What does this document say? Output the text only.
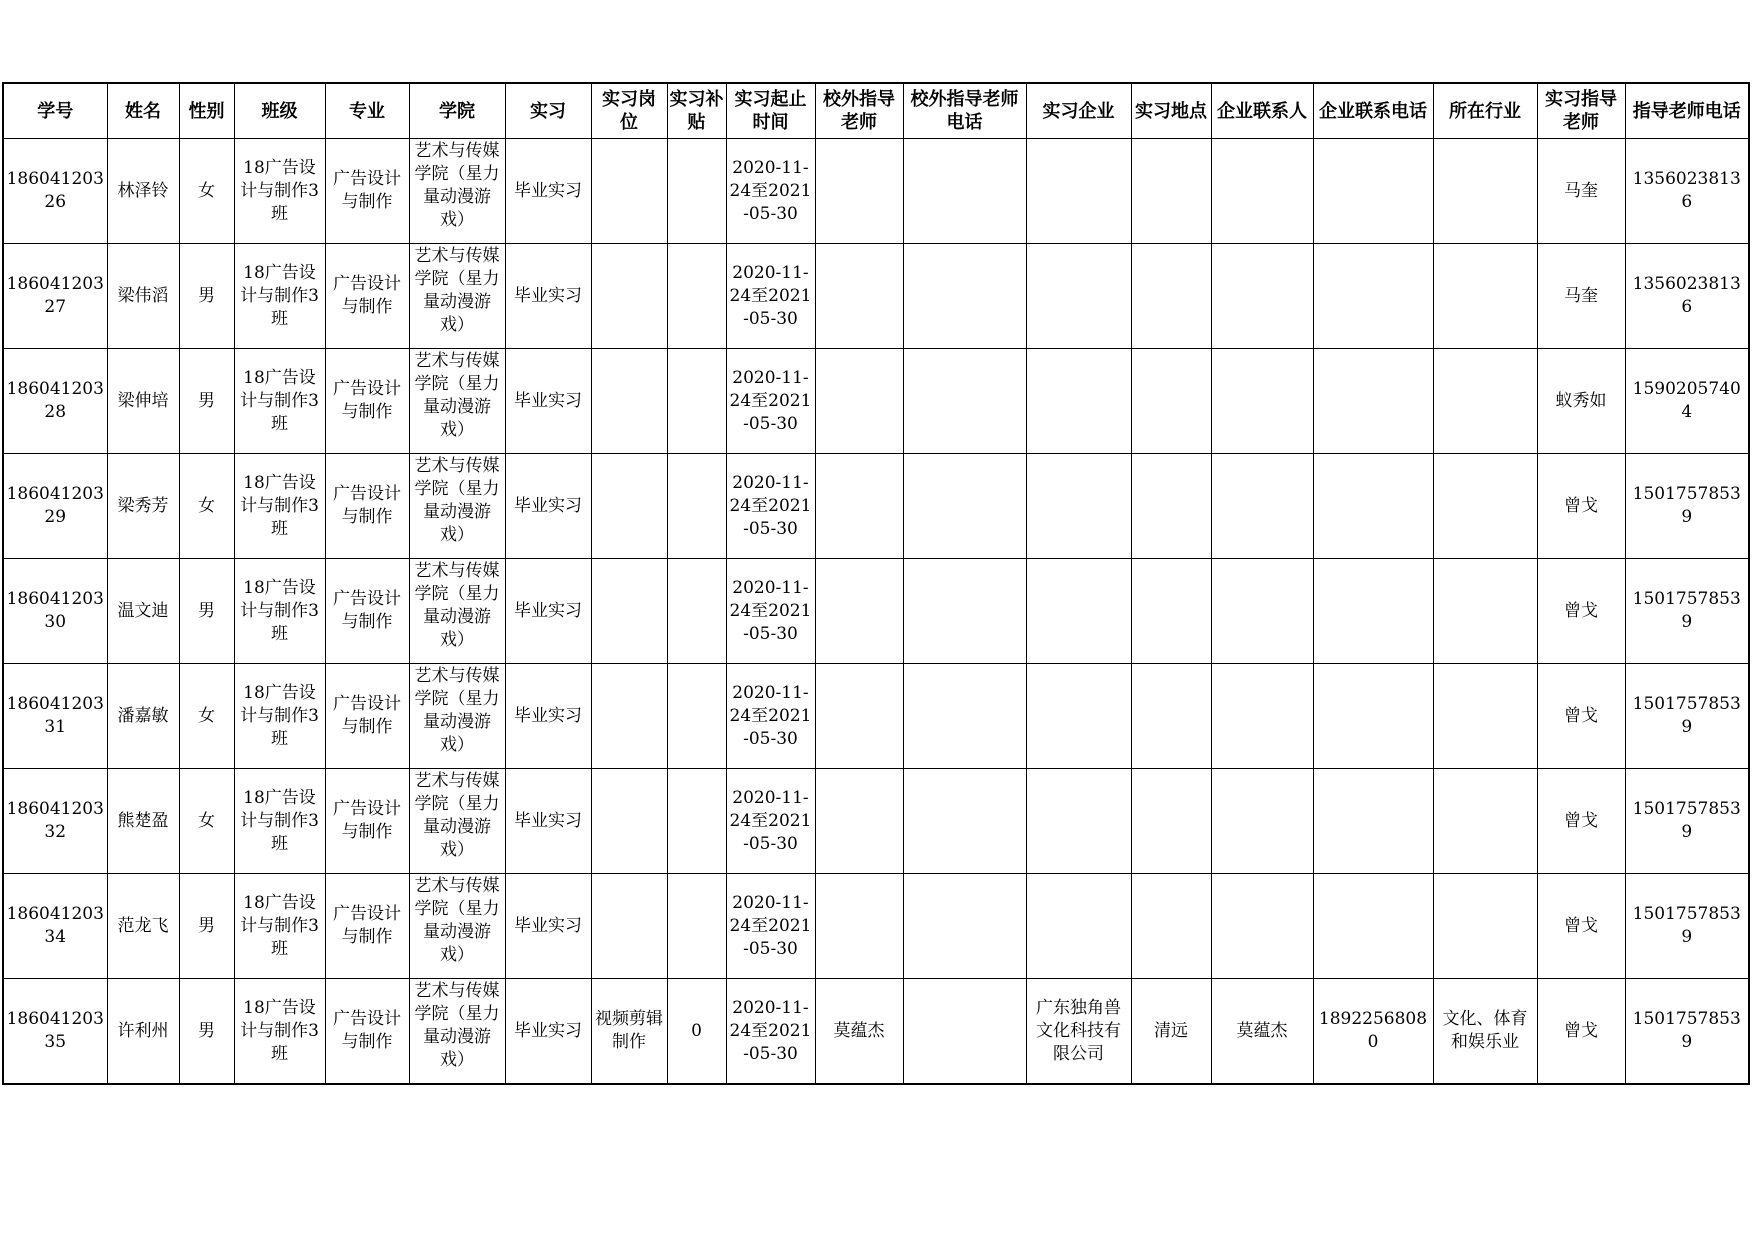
学号	姓名	性别	班级	专业	学院	实习	实习岗位	实习补贴	实习起止时间	校外指导老师	校外指导老师电话	实习企业	实习地点	企业联系人	企业联系电话	所在行业	实习指导老师	指导老师电话

18604120326	林泽铃	女	18广告设计与制作3班	广告设计与制作	艺术与传媒学院（星力量动漫游戏）	毕业实习			2020-11-24至2021-05-30								马奎	13560238136

18604120327	梁伟滔	男	18广告设计与制作3班	广告设计与制作	艺术与传媒学院（星力量动漫游戏）	毕业实习			2020-11-24至2021-05-30								马奎	13560238136

18604120328	梁伸培	男	18广告设计与制作3班	广告设计与制作	艺术与传媒学院（星力量动漫游戏）	毕业实习			2020-11-24至2021-05-30								蚁秀如	15902057404

18604120329	梁秀芳	女	18广告设计与制作3班	广告设计与制作	艺术与传媒学院（星力量动漫游戏）	毕业实习			2020-11-24至2021-05-30								曾戈	15017578539

18604120330	温文迪	男	18广告设计与制作3班	广告设计与制作	艺术与传媒学院（星力量动漫游戏）	毕业实习			2020-11-24至2021-05-30								曾戈	15017578539

18604120331	潘嘉敏	女	18广告设计与制作3班	广告设计与制作	艺术与传媒学院（星力量动漫游戏）	毕业实习			2020-11-24至2021-05-30								曾戈	15017578539

18604120332	熊楚盈	女	18广告设计与制作3班	广告设计与制作	艺术与传媒学院（星力量动漫游戏）	毕业实习			2020-11-24至2021-05-30								曾戈	15017578539

18604120334	范龙飞	男	18广告设计与制作3班	广告设计与制作	艺术与传媒学院（星力量动漫游戏）	毕业实习			2020-11-24至2021-05-30								曾戈	15017578539

18604120335	许利州	男	18广告设计与制作3班	广告设计与制作	艺术与传媒学院（星力量动漫游戏）	毕业实习	视频剪辑制作	0	2020-11-24至2021-05-30	莫蕴杰		广东独角兽文化科技有限公司	清远	莫蕴杰	18922568080	文化、体育和娱乐业	曾戈	15017578539
